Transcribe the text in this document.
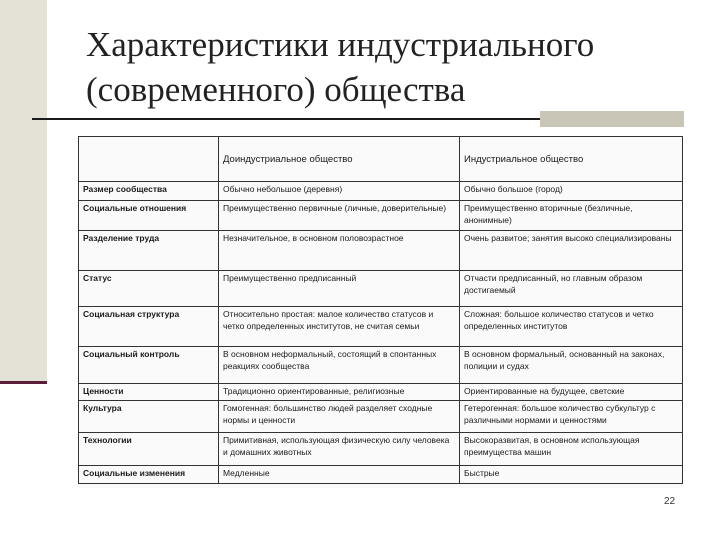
Характеристики индустриального
(современного) общества
	Доиндустриальное общество	Индустриальное общество
Размер сообщества	Обычно небольшое (деревня)	Обычно большое (город)
Социальные отношения	Преимущественно первичные (личные, доверительные)	Преимущественно вторичные (безличные, анонимные)
Разделение труда	Незначительное, в основном половозрастное	Очень развитое; занятия высоко специализированы
Статус	Преимущественно предписанный	Отчасти предписанный, но главным образом достигаемый
Социальная структура	Относительно простая: малое количество статусов и четко определенных институтов, не считая семьи	Сложная: большое количество статусов и четко определенных институтов
Социальный контроль	В основном неформальный, состоящий в спонтанных реакциях сообщества	В основном формальный, основанный на законах, полиции и судах
Ценности	Традиционно ориентированные, религиозные	Ориентированные на будущее, светские
Культура	Гомогенная: большинство людей разделяет сходные нормы и ценности	Гетерогенная: большое количество субкультур с различными нормами и ценностями
Технологии	Примитивная, использующая физическую силу человека и домашних животных	Высокоразвитая, в основном использующая преимущества машин
Социальные изменения	Медленные	Быстрые
22
